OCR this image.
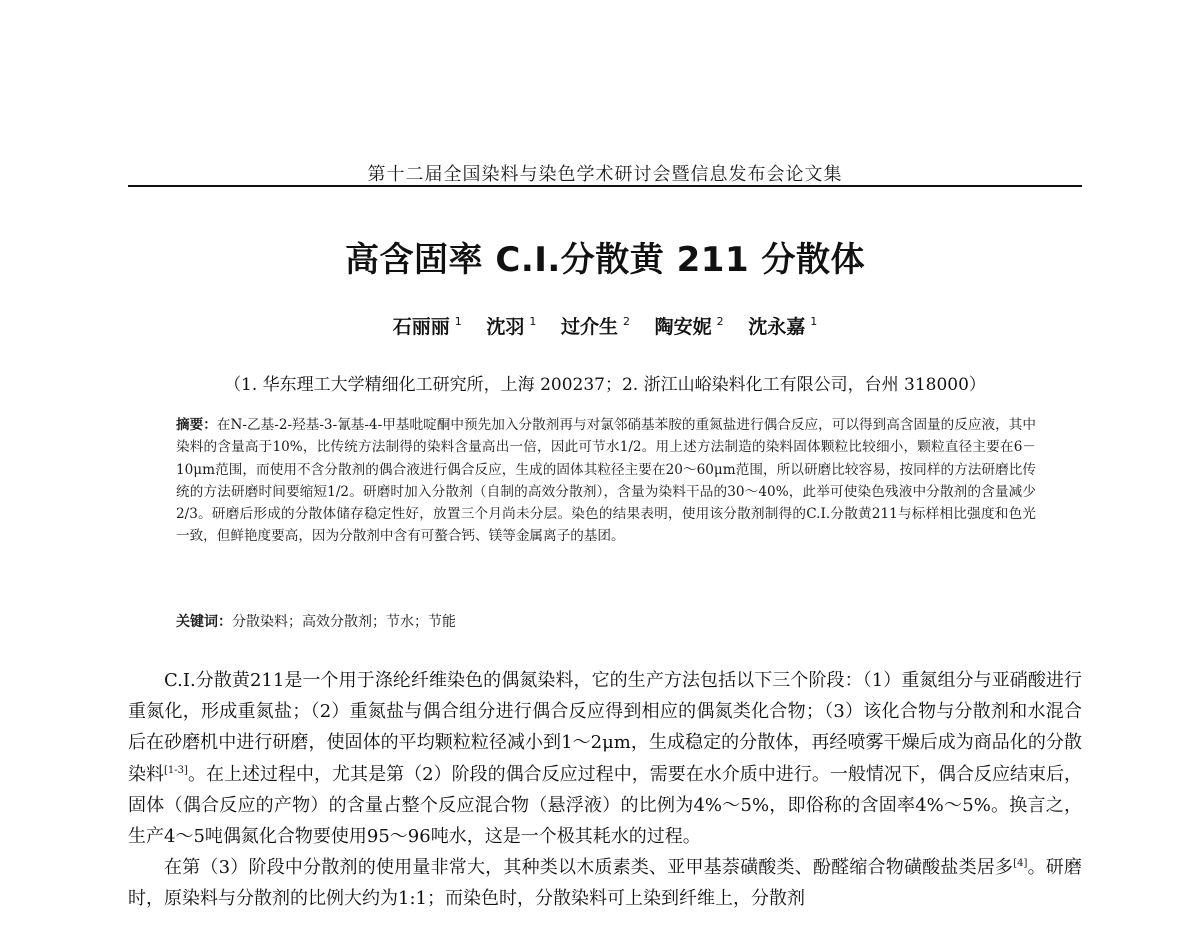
第十二届全国染料与染色学术研讨会暨信息发布会论文集
高含固率 C.I.分散黄 211 分散体
石丽丽 $^1$ 沈羽 $^1$ 过介生 $^2$ 陶安妮 $^2$ 沈永嘉 $^1$
（1. 华东理工大学精细化工研究所，上海 200237；2. 浙江山峪染料化工有限公司，台州 318000）
摘要：在N-乙基-2-羟基-3-氰基-4-甲基吡啶酮中预先加入分散剂再与对氯邻硝基苯胺的重氮盐进行偶合反应，可以得到高含固量的反应液，其中染料的含量高于10%，比传统方法制得的染料含量高出一倍，因此可节水1/2。用上述方法制造的染料固体颗粒比较细小，颗粒直径主要在6－10μm范围，而使用不含分散剂的偶合液进行偶合反应，生成的固体其粒径主要在20～60μm范围，所以研磨比较容易，按同样的方法研磨比传统的方法研磨时间要缩短1/2。研磨时加入分散剂（自制的高效分散剂），含量为染料干品的30～40%，此举可使染色残液中分散剂的含量减少2/3。研磨后形成的分散体储存稳定性好，放置三个月尚未分层。染色的结果表明，使用该分散剂制得的C.I.分散黄211与标样相比强度和色光一致，但鲜艳度要高，因为分散剂中含有可螯合钙、镁等金属离子的基团。
关键词：分散染料；高效分散剂；节水；节能

C.I.分散黄211是一个用于涤纶纤维染色的偶氮染料，它的生产方法包括以下三个阶段：（1）重氮组分与亚硝酸进行重氮化，形成重氮盐；（2）重氮盐与偶合组分进行偶合反应得到相应的偶氮类化合物；（3）该化合物与分散剂和水混合后在砂磨机中进行研磨，使固体的平均颗粒粒径减小到1～2μm，生成稳定的分散体，再经喷雾干燥后成为商品化的分散染料[1-3]。在上述过程中，尤其是第（2）阶段的偶合反应过程中，需要在水介质中进行。一般情况下，偶合反应结束后，固体（偶合反应的产物）的含量占整个反应混合物（悬浮液）的比例为4%～5%，即俗称的含固率4%～5%。换言之，生产4～5吨偶氮化合物要使用95～96吨水，这是一个极其耗水的过程。

在第（3）阶段中分散剂的使用量非常大，其种类以木质素类、亚甲基萘磺酸类、酚醛缩合物磺酸盐类居多[4]。研磨时，原染料与分散剂的比例大约为1:1；而染色时，分散染料可上染到纤维上，分散剂
